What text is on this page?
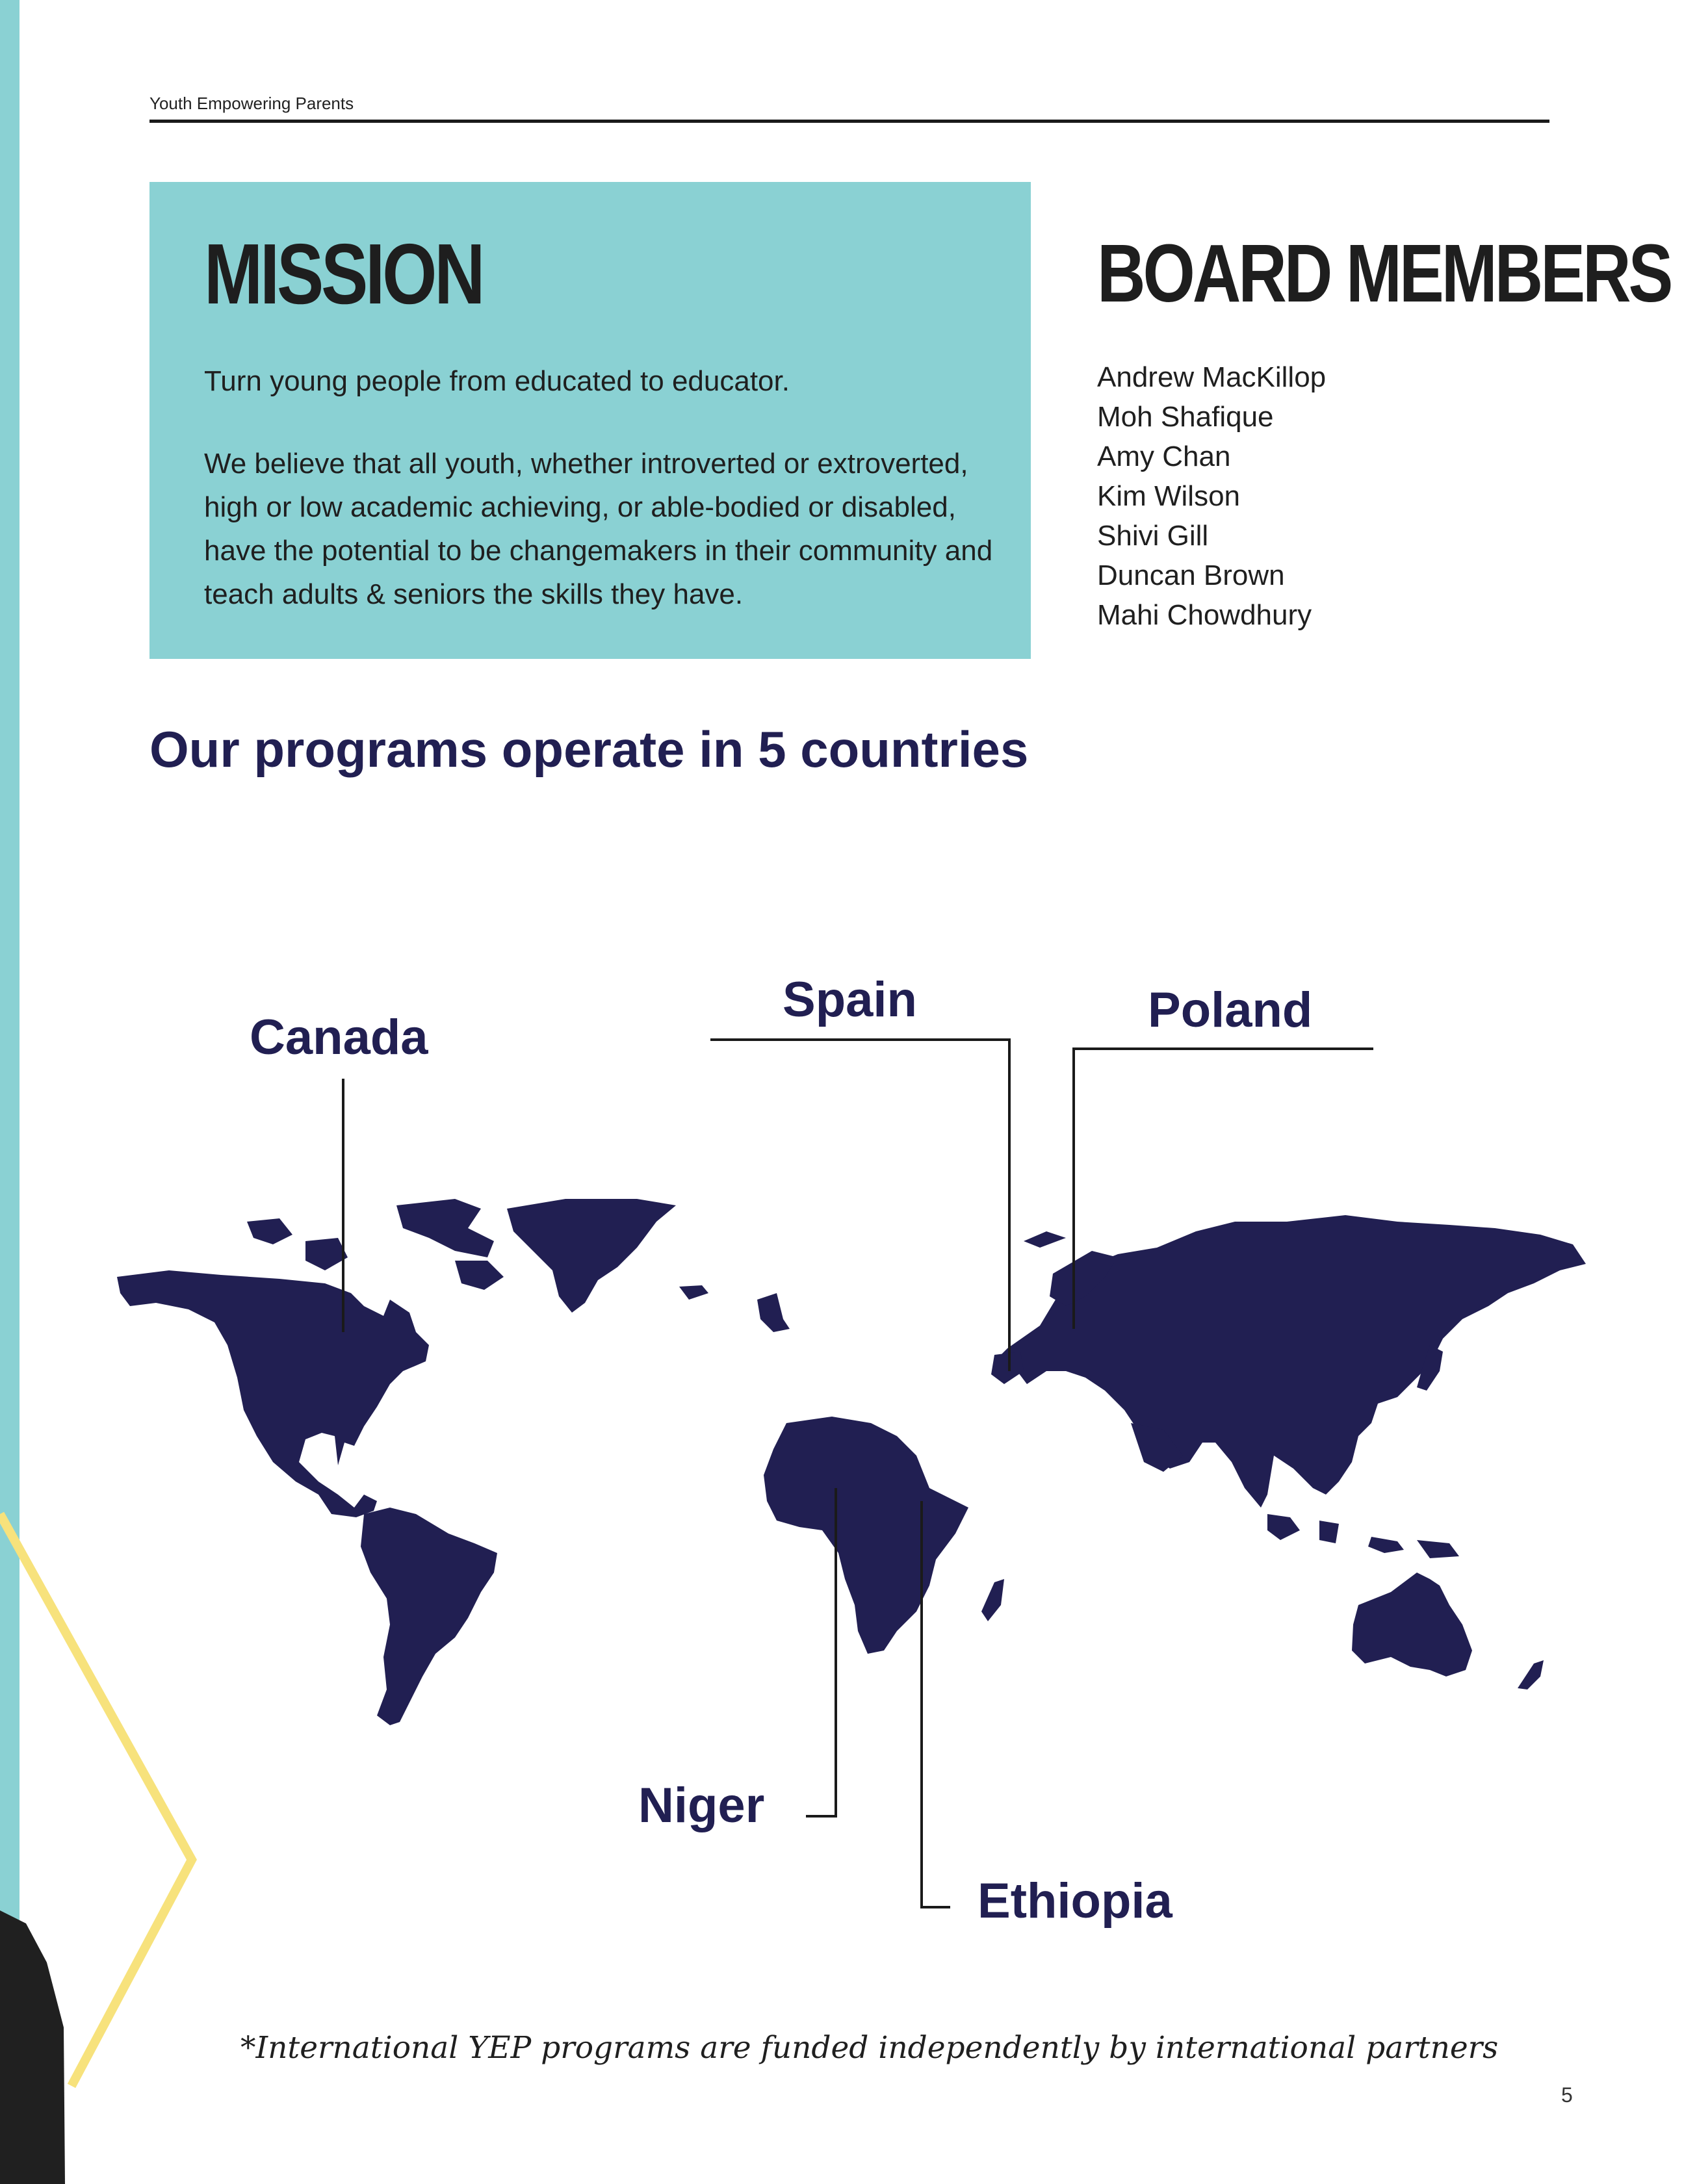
Youth Empowering Parents
MISSION
Turn young people from educated to educator.
We believe that all youth, whether introverted or extroverted, high or low academic achieving, or able-bodied or disabled, have the potential to be changemakers in their community and teach adults & seniors the skills they have.
BOARD MEMBERS
Andrew MacKillop
Moh Shafique
Amy Chan
Kim Wilson
Shivi Gill
Duncan Brown
Mahi Chowdhury
Our programs operate in 5 countries
Canada
Spain	Poland
Niger
Ethiopia
*International YEP programs are funded independently by international partners
5
